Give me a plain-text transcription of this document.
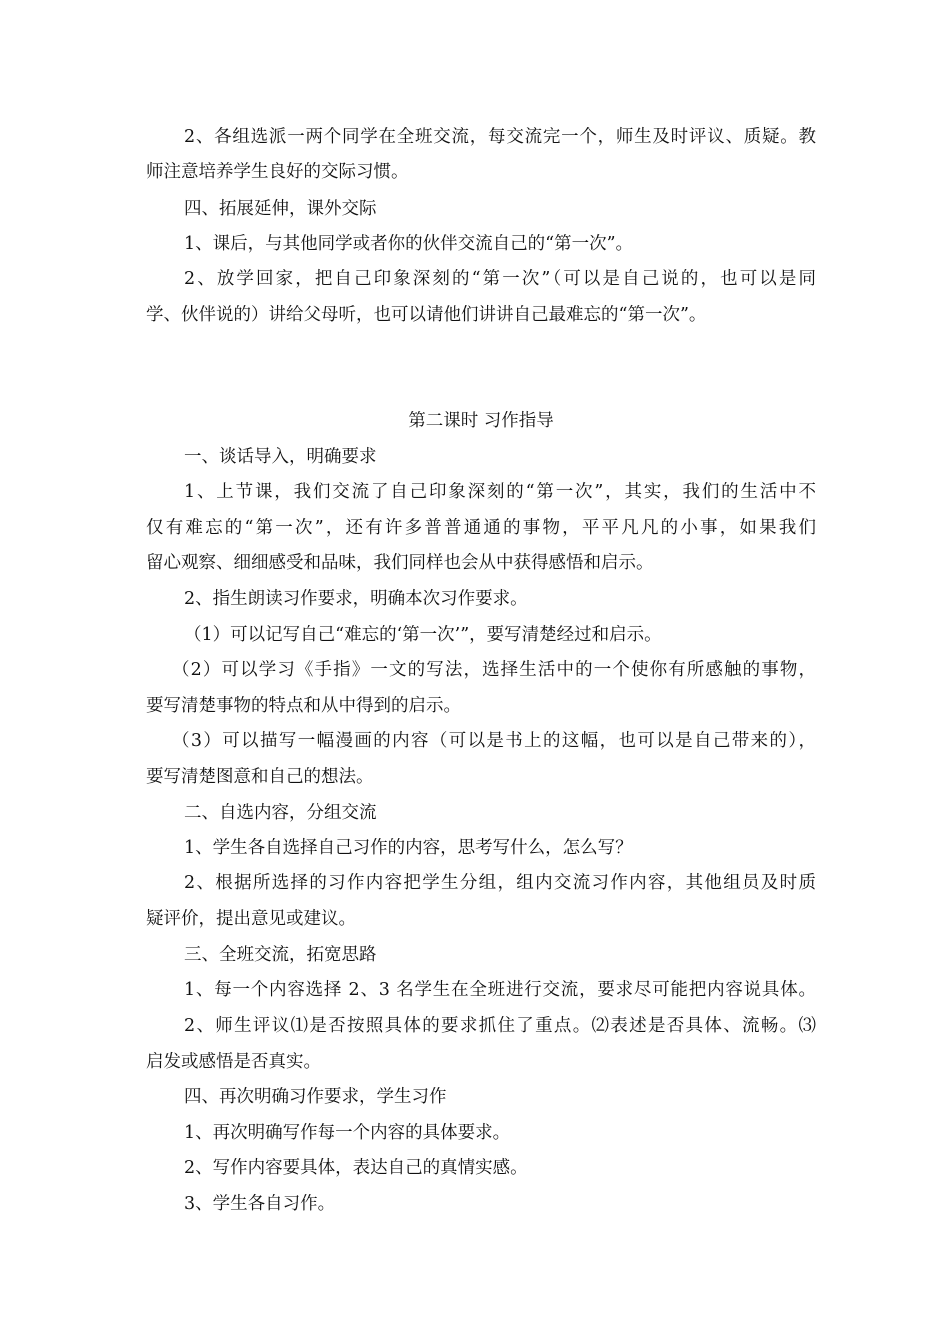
2、各组选派一两个同学在全班交流，每交流完一个，师生及时评议、质疑。教
师注意培养学生良好的交际习惯。
四、拓展延伸，课外交际
1、课后，与其他同学或者你的伙伴交流自己的“第一次”。
2、放学回家，把自己印象深刻的“第一次”（可以是自己说的，也可以是同
学、伙伴说的）讲给父母听，也可以请他们讲讲自己最难忘的“第一次”。
第二课时 习作指导
一、谈话导入，明确要求
1、上节课，我们交流了自己印象深刻的“第一次”，其实，我们的生活中不
仅有难忘的“第一次”，还有许多普普通通的事物，平平凡凡的小事，如果我们
留心观察、细细感受和品味，我们同样也会从中获得感悟和启示。
2、指生朗读习作要求，明确本次习作要求。
（1）可以记写自己“难忘的‘第一次’”，要写清楚经过和启示。
（2）可以学习《手指》一文的写法，选择生活中的一个使你有所感触的事物，
要写清楚事物的特点和从中得到的启示。
（3）可以描写一幅漫画的内容（可以是书上的这幅，也可以是自己带来的），
要写清楚图意和自己的想法。
二、自选内容，分组交流
1、学生各自选择自己习作的内容，思考写什么，怎么写？
2、根据所选择的习作内容把学生分组，组内交流习作内容，其他组员及时质
疑评价，提出意见或建议。
三、全班交流，拓宽思路
1、每一个内容选择 2、3 名学生在全班进行交流，要求尽可能把内容说具体。
2、师生评议⑴是否按照具体的要求抓住了重点。⑵表述是否具体、流畅。⑶
启发或感悟是否真实。
四、再次明确习作要求，学生习作
1、再次明确写作每一个内容的具体要求。
2、写作内容要具体，表达自己的真情实感。
3、学生各自习作。
